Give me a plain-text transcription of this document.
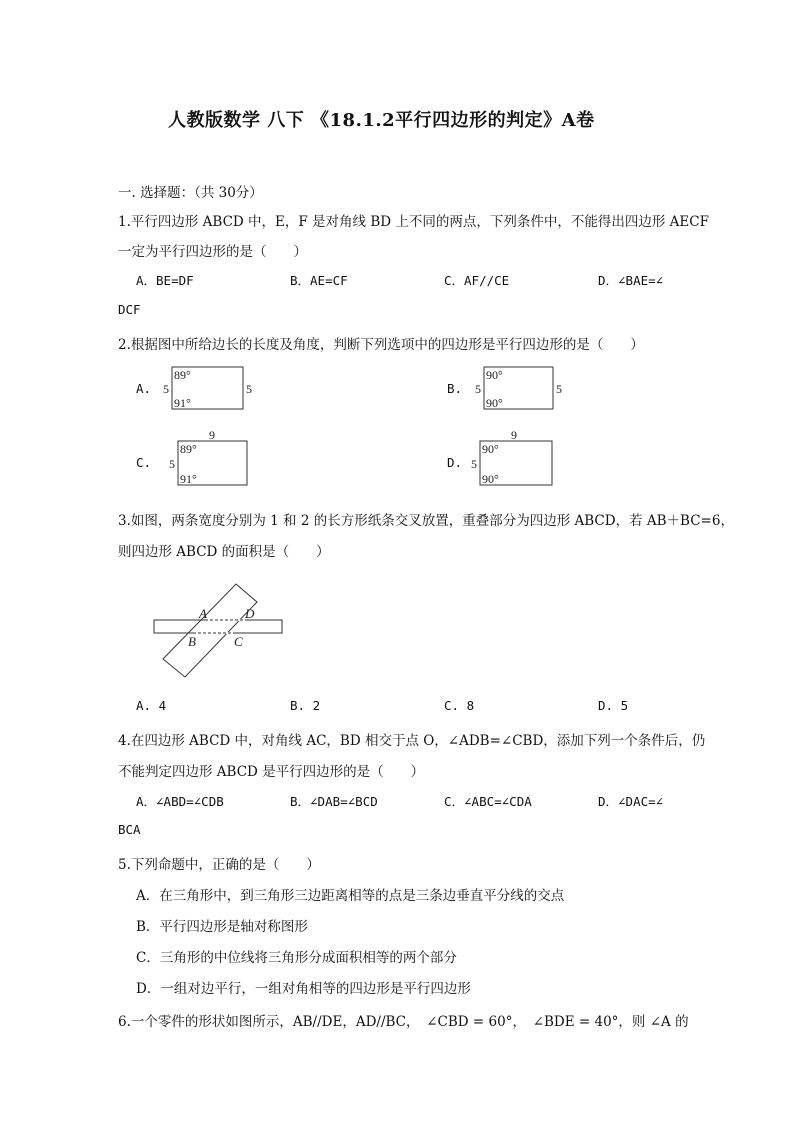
人教版数学 八下 《18.1.2平行四边形的判定》A卷
一. 选择题：（共 30分）
1.平行四边形 ABCD 中，E，F 是对角线 BD 上不同的两点，下列条件中，不能得出四边形 AECF
一定为平行四边形的是（　　）
A．BE=DF	B．AE=CF	C．AF//CE	D．∠BAE=∠
DCF
2.根据图中所给边长的长度及角度，判断下列选项中的四边形是平行四边形的是（　　）
A. 5	5
89°
91°
B. 5	5
90°
90°
C.
9
5
89°
91°
D.
9
5
90°
90°
3.如图，两条宽度分别为 1 和 2 的长方形纸条交叉放置，重叠部分为四边形 ABCD，若 AB＋BC=6，
则四边形 ABCD 的面积是（　　）
A	D
B	C
A. 4	B. 2	C. 8	D. 5
4.在四边形 ABCD 中，对角线 AC，BD 相交于点 O，∠ADB=∠CBD，添加下列一个条件后，仍
不能判定四边形 ABCD 是平行四边形的是（　　）
A．∠ABD=∠CDB	B．∠DAB=∠BCD	C．∠ABC=∠CDA	D．∠DAC=∠
BCA
5.下列命题中，正确的是（　　）
A．在三角形中，到三角形三边距离相等的点是三条边垂直平分线的交点
B．平行四边形是轴对称图形
C．三角形的中位线将三角形分成面积相等的两个部分
D．一组对边平行，一组对角相等的四边形是平行四边形
6.一个零件的形状如图所示，AB//DE，AD//BC，　∠CBD = 60°，　∠BDE = 40°，则 ∠A 的
